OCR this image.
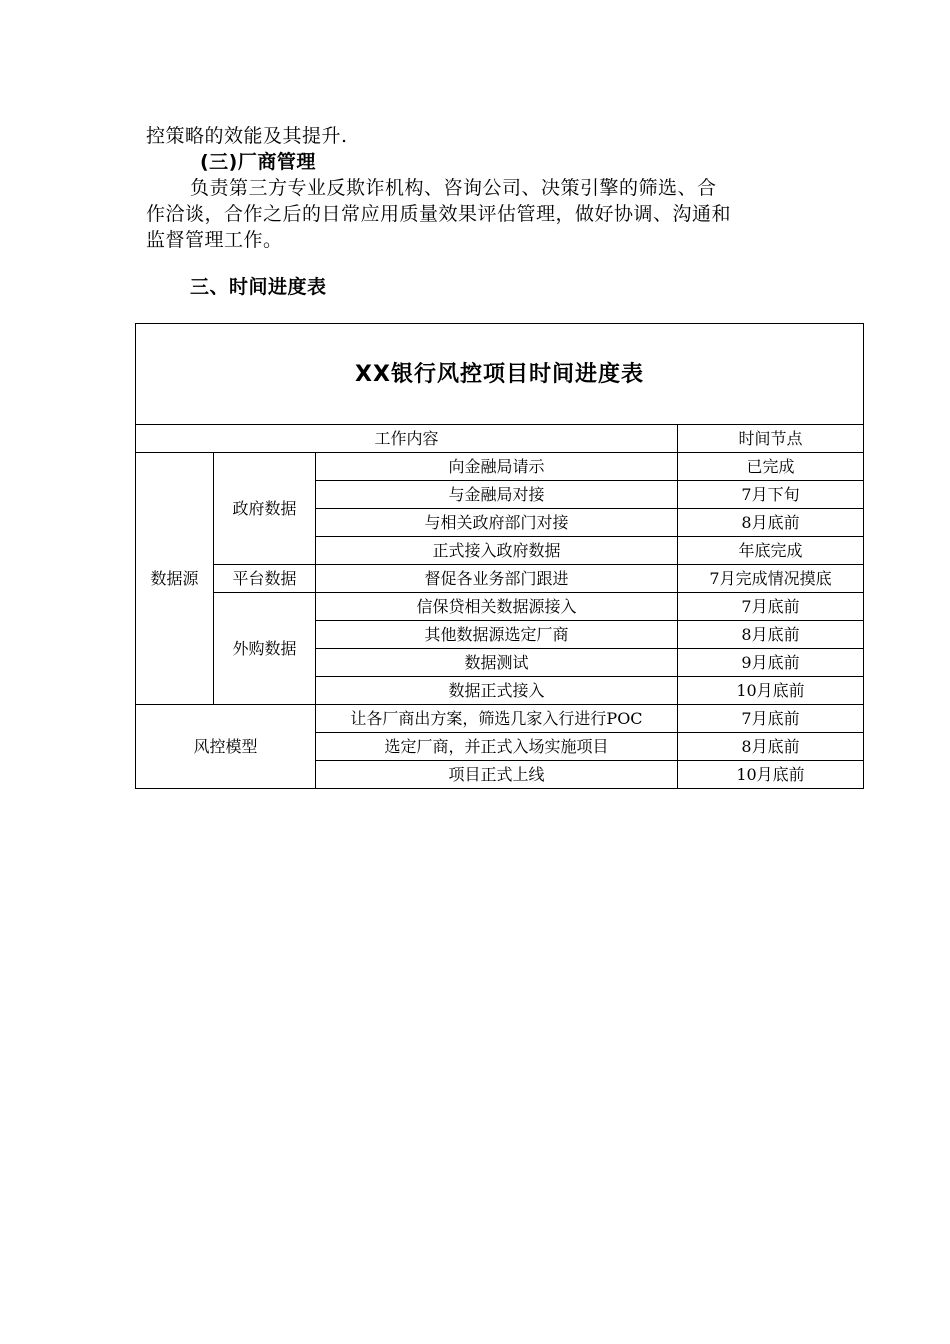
控策略的效能及其提升.
(三)厂商管理
负责第三方专业反欺诈机构、咨询公司、决策引擎的筛选、合
作洽谈，合作之后的日常应用质量效果评估管理，做好协调、沟通和
监督管理工作。
三、时间进度表
XX银行风控项目时间进度表			
工作内容			时间节点
数据源	政府数据	向金融局请示	已完成
		与金融局对接	7月下旬
		与相关政府部门对接	8月底前
		正式接入政府数据	年底完成
	平台数据	督促各业务部门跟进	7月完成情况摸底
	外购数据	信保贷相关数据源接入	7月底前
		其他数据源选定厂商	8月底前
		数据测试	9月底前
		数据正式接入	10月底前
风控模型		让各厂商出方案，筛选几家入行进行POC	7月底前
		选定厂商，并正式入场实施项目	8月底前
		项目正式上线	10月底前
